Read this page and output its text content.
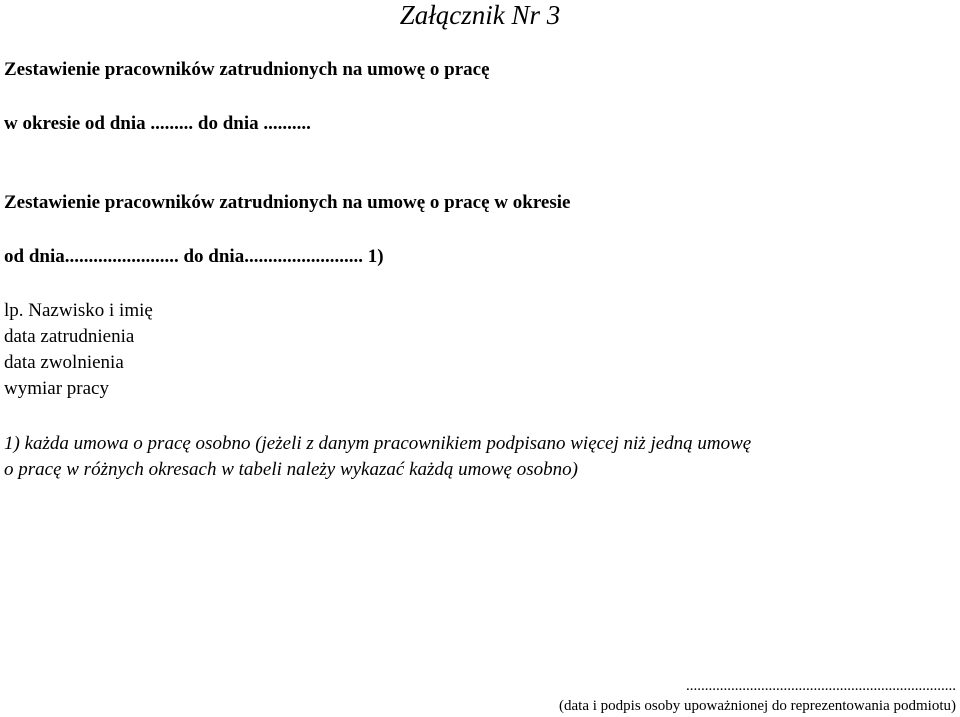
Załącznik Nr 3
Zestawienie pracowników zatrudnionych na umowę o pracę
w okresie od dnia ......... do dnia ..........
Zestawienie pracowników zatrudnionych na umowę o pracę w okresie
od dnia........................ do dnia......................... 1)
lp. Nazwisko i imię
data zatrudnienia
data zwolnienia
wymiar pracy
1) każda umowa o pracę osobno (jeżeli z danym pracownikiem podpisano więcej niż jedną umowę
o pracę w różnych okresach w tabeli należy wykazać każdą umowę osobno)
........................................................................
(data i podpis osoby upoważnionej do reprezentowania podmiotu)
